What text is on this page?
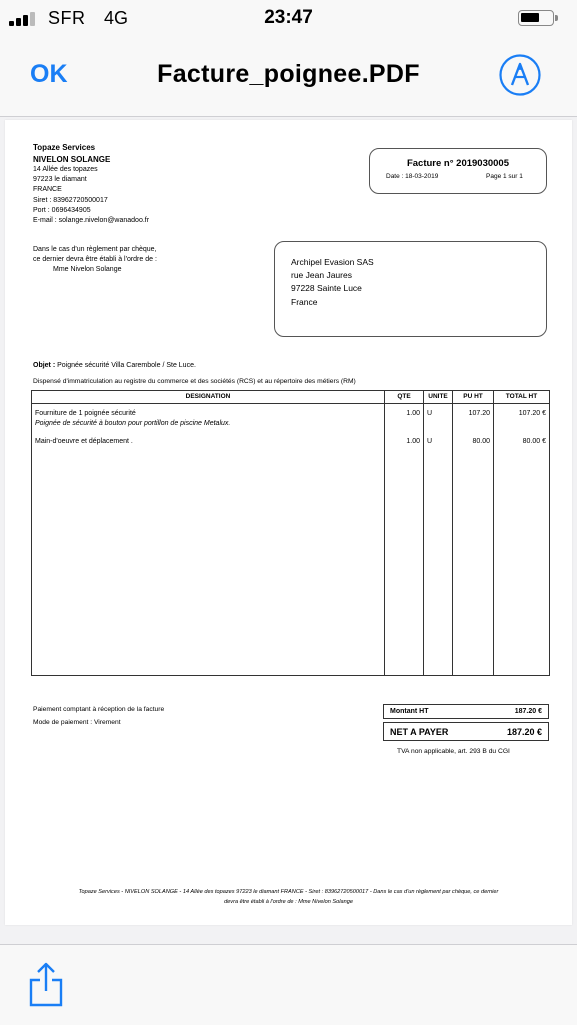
SFR 4G	23:47
OK	Facture_poignee.PDF
Topaze Services
NIVELON SOLANGE
14 Allée des topazes
97223 le diamant
FRANCE
Siret : 83962720500017
Port : 0696434905
E-mail : solange.nivelon@wanadoo.fr
Dans le cas d'un règlement par chèque,
ce dernier devra être établi à l'ordre de :
Mme Nivelon Solange
Facture n° 2019030005
Date : 18-03-2019	Page 1 sur 1
Archipel Evasion SAS
rue Jean Jaures
97228 Sainte Luce
France
Objet : Poignée sécurité Villa Carembole / Ste Luce.
Dispensé d'immatriculation au registre du commerce et des sociétés (RCS) et au répertoire des métiers (RM)
DESIGNATION	QTE	UNITE	PU HT	TOTAL HT

Fourniture de 1 poignée sécurité
Poignée de sécurité à bouton pour portillon de piscine Metalux.	1.00	U	107.20	107.20 €

Main-d'oeuvre et déplacement .	1.00	U	80.00	80.00 €
Paiement comptant à réception de la facture
Mode de paiement : Virement
Montant HT	187.20 €
NET A PAYER	187.20 €
TVA non applicable, art. 293 B du CGI
Topaze Services - NIVELON SOLANGE - 14 Allée des topazes 97223 le diamant FRANCE - Siret : 83962720500017 - Dans le cas d'un règlement par chèque, ce dernier
devra être établi à l'ordre de : Mme Nivelon Solange
